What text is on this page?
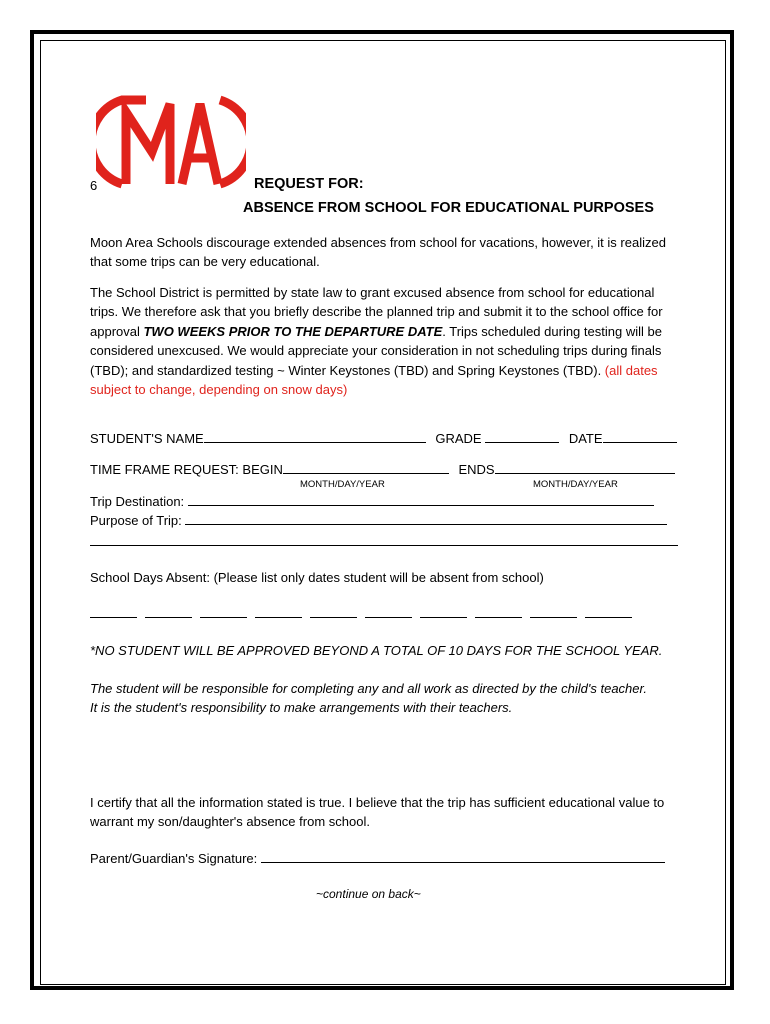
6	REQUEST FOR:
ABSENCE FROM SCHOOL FOR EDUCATIONAL PURPOSES
Moon Area Schools discourage extended absences from school for vacations, however, it is realized that some trips can be very educational.
The School District is permitted by state law to grant excused absence from school for educational trips. We therefore ask that you briefly describe the planned trip and submit it to the school office for approval TWO WEEKS PRIOR TO THE DEPARTURE DATE. Trips scheduled during testing will be considered unexcused. We would appreciate your consideration in not scheduling trips during finals (TBD); and standardized testing ~ Winter Keystones (TBD) and Spring Keystones (TBD). (all dates subject to change, depending on snow days)
STUDENT'S NAME	GRADE	DATE
TIME FRAME REQUEST: BEGIN	ENDS
MONTH/DAY/YEAR	MONTH/DAY/YEAR
Trip Destination:
Purpose of Trip:
School Days Absent: (Please list only dates student will be absent from school)
*NO STUDENT WILL BE APPROVED BEYOND A TOTAL OF 10 DAYS FOR THE SCHOOL YEAR.
The student will be responsible for completing any and all work as directed by the child's teacher. It is the student's responsibility to make arrangements with their teachers.
I certify that all the information stated is true. I believe that the trip has sufficient educational value to warrant my son/daughter's absence from school.
Parent/Guardian's Signature:
~continue on back~
